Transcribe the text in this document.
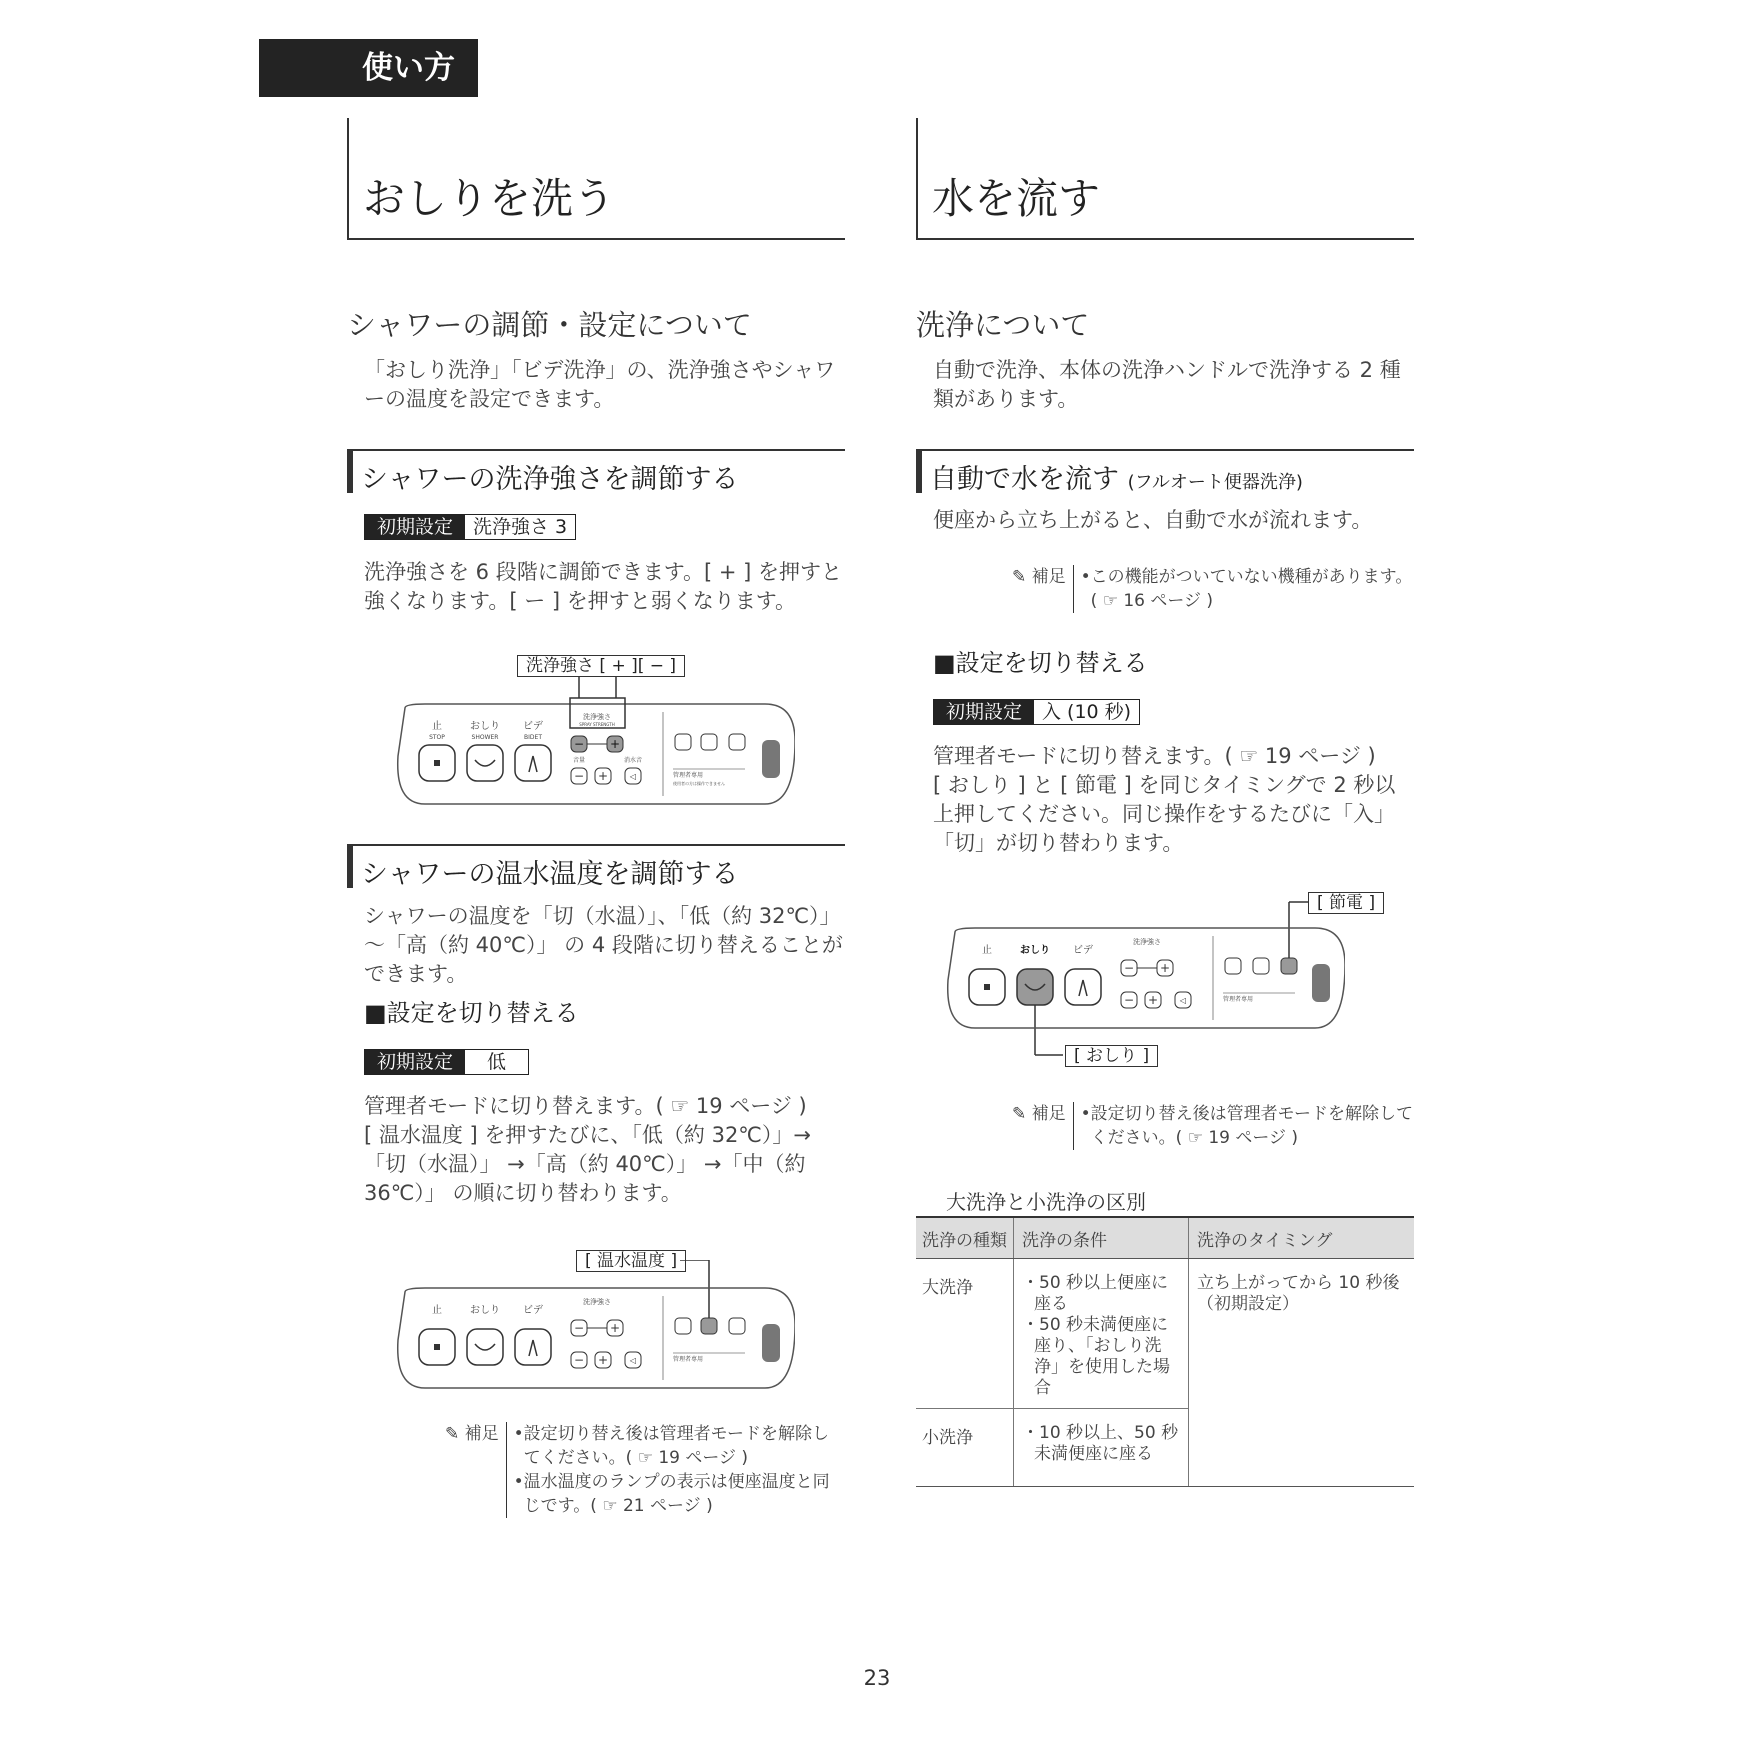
使い方
おしりを洗う
シャワーの調節・設定について
「おしり洗浄」「ビデ洗浄」の、洗浄強さやシャワーの温度を設定できます。
シャワーの洗浄強さを調節する
初期設定	洗浄強さ 3
洗浄強さを 6 段階に調節できます。[ + ] を押すと強くなります。[ ー ] を押すと弱くなります。
洗浄強さ [ + ][ − ]
止
STOP
おしり
SHOWER
ビデ
BIDET
洗浄強さ
SPRAY STRENGTH
− +
音量	消水音
− +	◁	管理者専用
使用者の方は操作できません
シャワーの温水温度を調節する
シャワーの温度を「切（水温）」、「低（約 32℃）」～「高（約 40℃）」 の 4 段階に切り替えることができます。
■設定を切り替える
初期設定	低
管理者モードに切り替えます。( ☞ 19 ページ )
[ 温水温度 ] を押すたびに、「低（約 32℃）」→「切（水温）」 →「高（約 40℃）」 →「中（約 36℃）」 の順に切り替わります。
[ 温水温度 ]
止	おしり ビデ
洗浄強さ
− +
− +	◁	管理者専用
✎ 補足 •設定切り替え後は管理者モードを解除してください。( ☞ 19 ページ )
•温水温度のランプの表示は便座温度と同じです。( ☞ 21 ページ )
水を流す
洗浄について
自動で洗浄、本体の洗浄ハンドルで洗浄する 2 種類があります。
自動で水を流す (フルオート便器洗浄)
便座から立ち上がると、自動で水が流れます。
✎ 補足 •この機能がついていない機種があります。( ☞ 16 ページ )
■設定を切り替える
初期設定	入 (10 秒)
管理者モードに切り替えます。( ☞ 19 ページ )
[ おしり ] と [ 節電 ] を同じタイミングで 2 秒以上押してください。同じ操作をするたびに「入」「切」が切り替わります。
[ 節電 ]
[ おしり ]
止	おしり ビデ
洗浄強さ
− +
− +	◁	管理者専用
✎ 補足 •設定切り替え後は管理者モードを解除してください。( ☞ 19 ページ )
大洗浄と小洗浄の区別
洗浄の種類	洗浄の条件	洗浄のタイミング
大洗浄	・50 秒以上便座に座る
・50 秒未満便座に座り、「おしり洗浄」を使用した場合	立ち上がってから 10 秒後（初期設定）
小洗浄	・10 秒以上、50 秒未満便座に座る	
23
